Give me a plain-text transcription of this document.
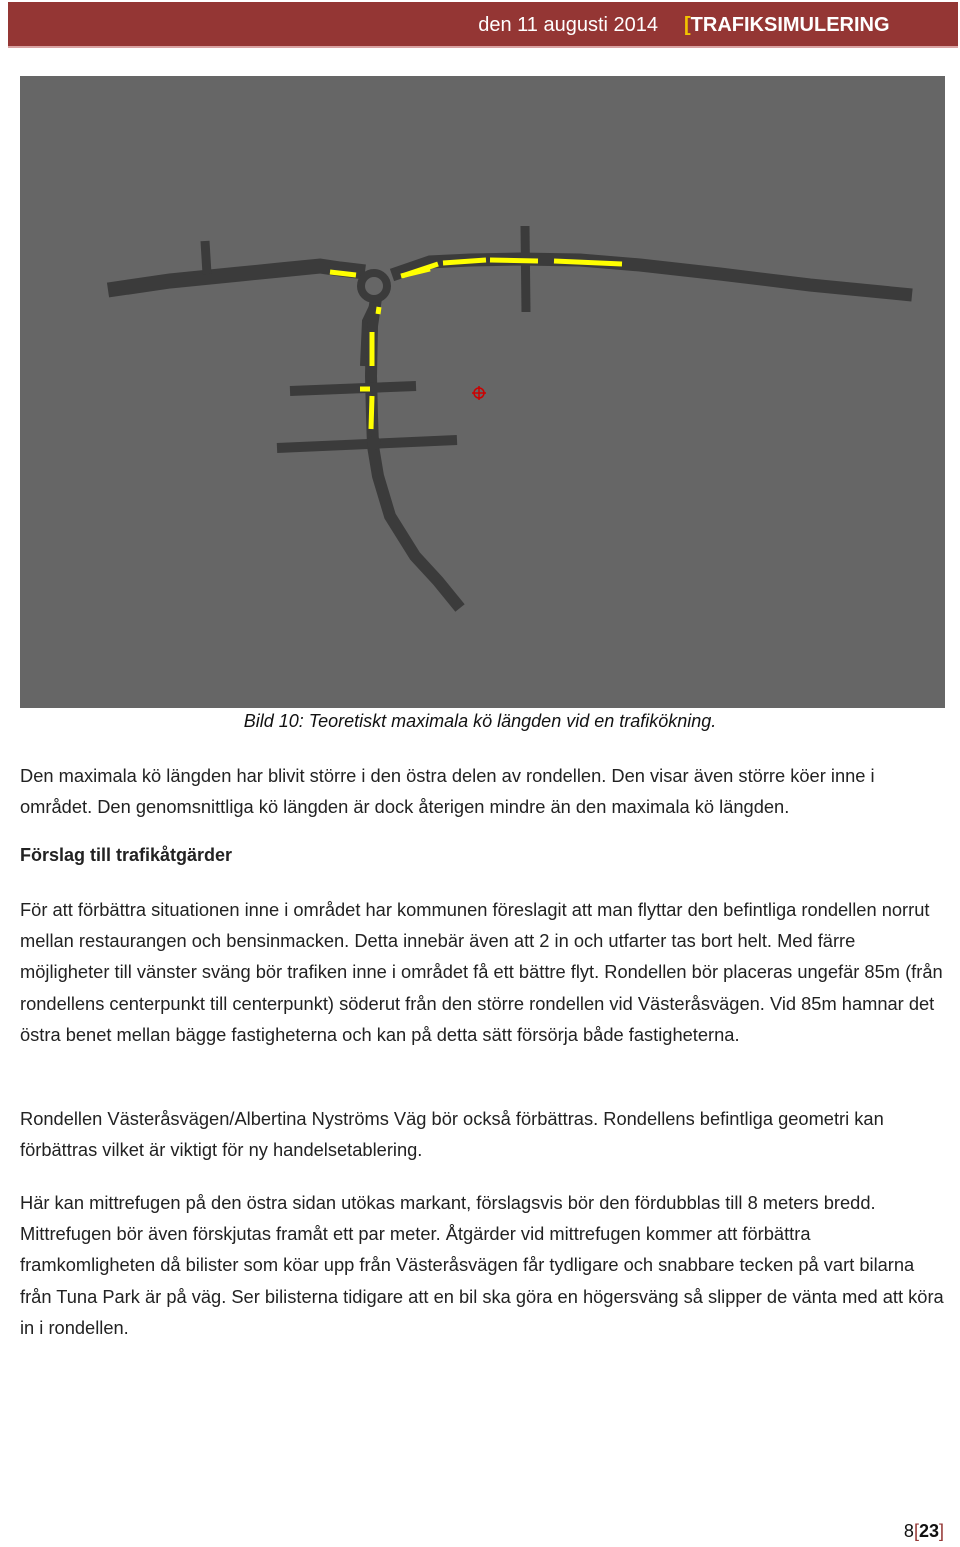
den 11 augusti 2014 [TRAFIKSIMULERING
Bild 10: Teoretiskt maximala kö längden vid en trafikökning.
Den maximala kö längden har blivit större i den östra delen av rondellen. Den visar även större köer inne i området. Den genomsnittliga kö längden är dock återigen mindre än den maximala kö längden.
Förslag till trafikåtgärder
För att förbättra situationen inne i området har kommunen föreslagit att man flyttar den befintliga rondellen norrut mellan restaurangen och bensinmacken. Detta innebär även att 2 in och utfarter tas bort helt. Med färre möjligheter till vänster sväng bör trafiken inne i området få ett bättre flyt. Rondellen bör placeras ungefär 85m (från rondellens centerpunkt till centerpunkt) söderut från den större rondellen vid Västeråsvägen. Vid 85m hamnar det östra benet mellan bägge fastigheterna och kan på detta sätt försörja både fastigheterna.
Rondellen Västeråsvägen/Albertina Nyströms Väg bör också förbättras. Rondellens befintliga geometri kan förbättras vilket är viktigt för ny handelsetablering.
Här kan mittrefugen på den östra sidan utökas markant, förslagsvis bör den fördubblas till 8 meters bredd. Mittrefugen bör även förskjutas framåt ett par meter. Åtgärder vid mittrefugen kommer att förbättra framkomligheten då bilister som köar upp från Västeråsvägen får tydligare och snabbare tecken på vart bilarna från Tuna Park är på väg. Ser bilisterna tidigare att en bil ska göra en högersväng så slipper de vänta med att köra in i rondellen.
8[23]
